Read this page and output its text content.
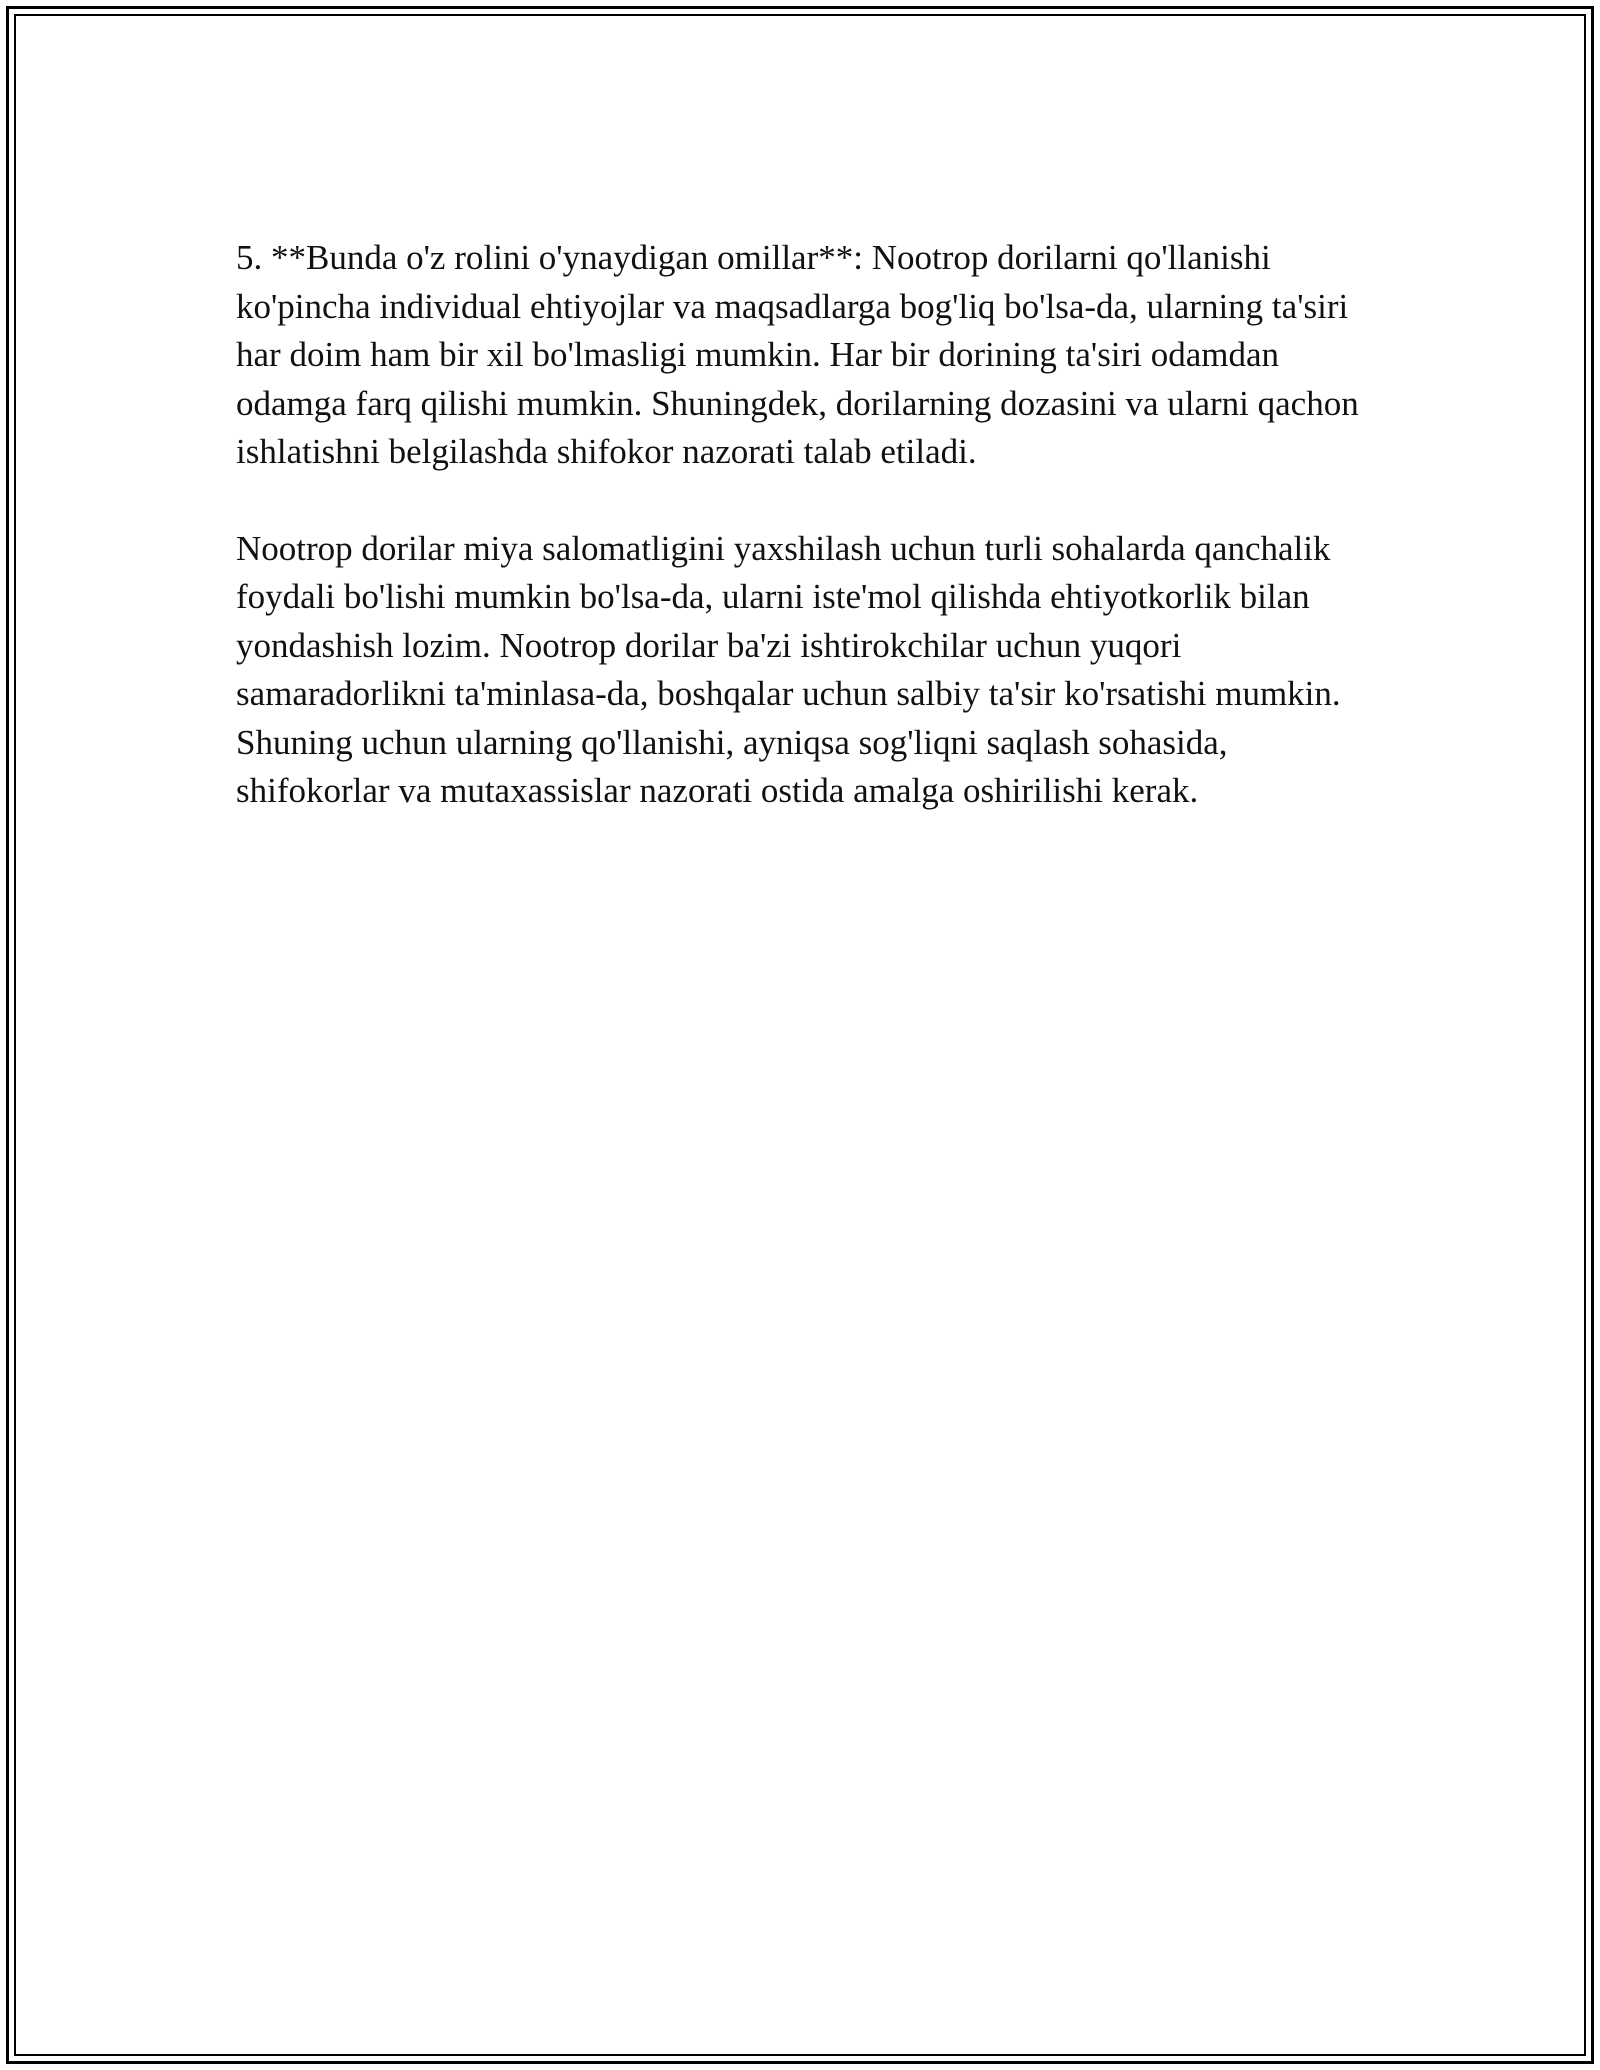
5. **Bunda o'z rolini o'ynaydigan omillar**: Nootrop dorilarni qo'llanishi ko'pincha individual ehtiyojlar va maqsadlarga bog'liq bo'lsa-da, ularning ta'siri har doim ham bir xil bo'lmasligi mumkin. Har bir dorining ta'siri odamdan odamga farq qilishi mumkin. Shuningdek, dorilarning dozasini va ularni qachon ishlatishni belgilashda shifokor nazorati talab etiladi.

Nootrop dorilar miya salomatligini yaxshilash uchun turli sohalarda qanchalik foydali bo'lishi mumkin bo'lsa-da, ularni iste'mol qilishda ehtiyotkorlik bilan yondashish lozim. Nootrop dorilar ba'zi ishtirokchilar uchun yuqori samaradorlikni ta'minlasa-da, boshqalar uchun salbiy ta'sir ko'rsatishi mumkin. Shuning uchun ularning qo'llanishi, ayniqsa sog'liqni saqlash sohasida, shifokorlar va mutaxassislar nazorati ostida amalga oshirilishi kerak.
